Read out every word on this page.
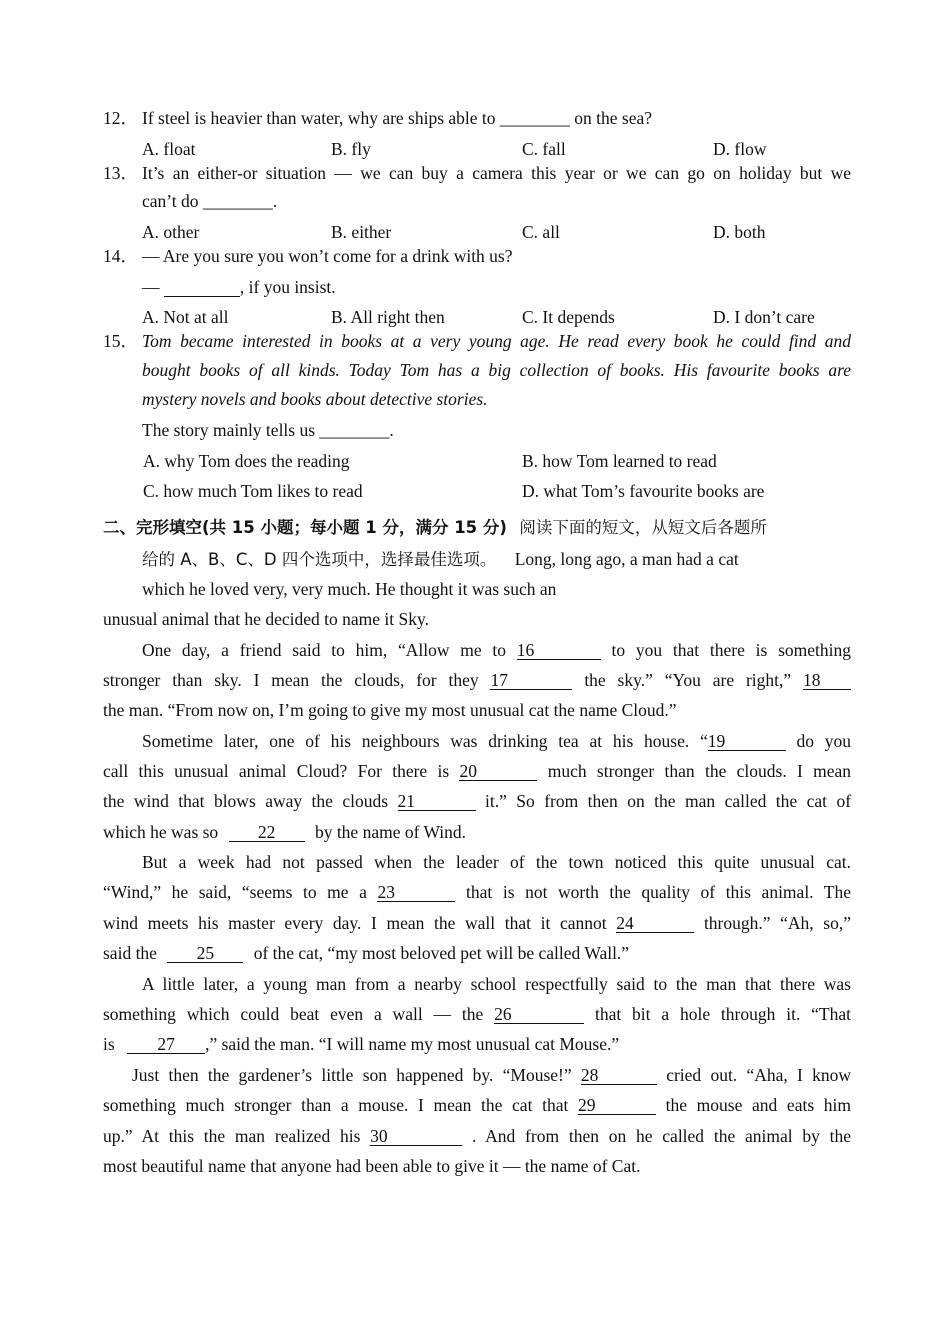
12． If steel is heavier than water, why are ships able to ________ on the sea?
A. float	B. fly	C. fall	D. flow
13． It’s an either-or situation — we can buy a camera this year or we can go on holiday but we
can’t do ________.
A. other	B. either	C. all	D. both
14． — Are you sure you won’t come for a drink with us?
—	, if you insist.
A. Not at all	B. All right then	C. It depends	D. I don’t care
15． Tom became interested in books at a very young age. He read every book he could find and
bought books of all kinds. Today Tom has a big collection of books. His favourite books are
mystery novels and books about detective stories.
The story mainly tells us ________.
A. why Tom does the reading	B. how Tom learned to read
C. how much Tom likes to read	D. what Tom’s favourite books are
二、完形填空(共 15 小题；每小题 1 分，满分 15 分) 阅读下面的短文，从短文后各题所
给的 A、B、C、D 四个选项中，选择最佳选项。 Long, long ago, a man had a cat
which he loved very, very much. He thought it was such an
unusual animal that he decided to name it Sky.
One day, a friend said to him, “Allow me to 16	to you that there is something
stronger than sky. I mean the clouds, for they 17	the sky.” “You are right,” 18
the man. “From now on, I’m going to give my most unusual cat the name Cloud.”
Sometime later, one of his neighbours was drinking tea at his house. “19	do you
call this unusual animal Cloud? For there is 20	much stronger than the clouds. I mean
the wind that blows away the clouds 21	it.” So from then on the man called the cat of
which he was so 22 by the name of Wind.
But a week had not passed when the leader of the town noticed this quite unusual cat.
“Wind,” he said, “seems to me a 23	that is not worth the quality of this animal. The
wind meets his master every day. I mean the wall that it cannot 24	through.” “Ah, so,”
said the 25 of the cat, “my most beloved pet will be called Wall.”
A little later, a young man from a nearby school respectfully said to the man that there was
something which could beat even a wall — the 26	that bit a hole through it. “That
is 27 ,” said the man. “I will name my most unusual cat Mouse.”
Just then the gardener’s little son happened by. “Mouse!” 28	cried out. “Aha, I know
something much stronger than a mouse. I mean the cat that 29	the mouse and eats him
up.” At this the man realized his 30	. And from then on he called the animal by the
most beautiful name that anyone had been able to give it — the name of Cat.
